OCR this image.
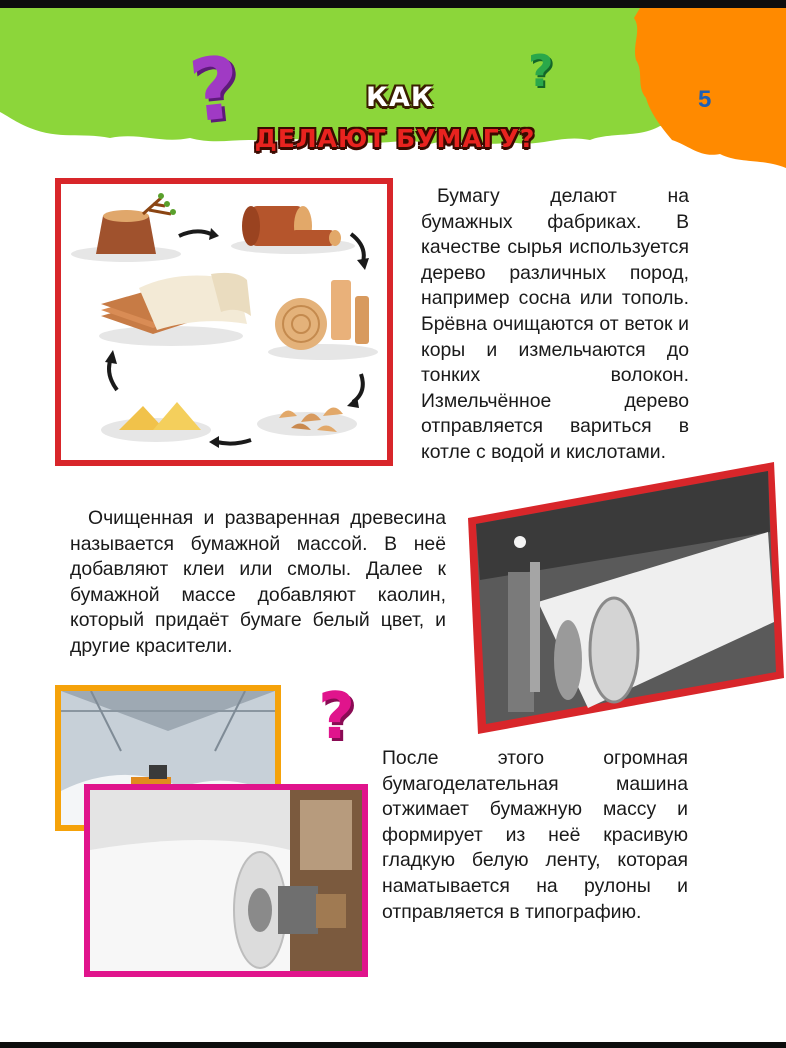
?	?
КАК
ДЕЛАЮТ БУМАГУ?
5
Бумагу делают на бумажных фабриках. В качестве сырья используется дерево различных пород, например сосна или тополь. Брёвна очищаются от веток и коры и измельчаются до тонких волокон. Измельчённое дерево отправляется вариться в котле с водой и кислотами.
Очищенная и разваренная древесина называется бумажной массой. В неё добавляют клеи или смолы. Далее к бумажной массе добавляют каолин, который придаёт бумаге белый цвет, и другие красители.
?
После этого огромная бумагоделательная машина отжимает бумажную массу и формирует из неё красивую гладкую белую ленту, которая наматывается на рулоны и отправляется в типографию.
